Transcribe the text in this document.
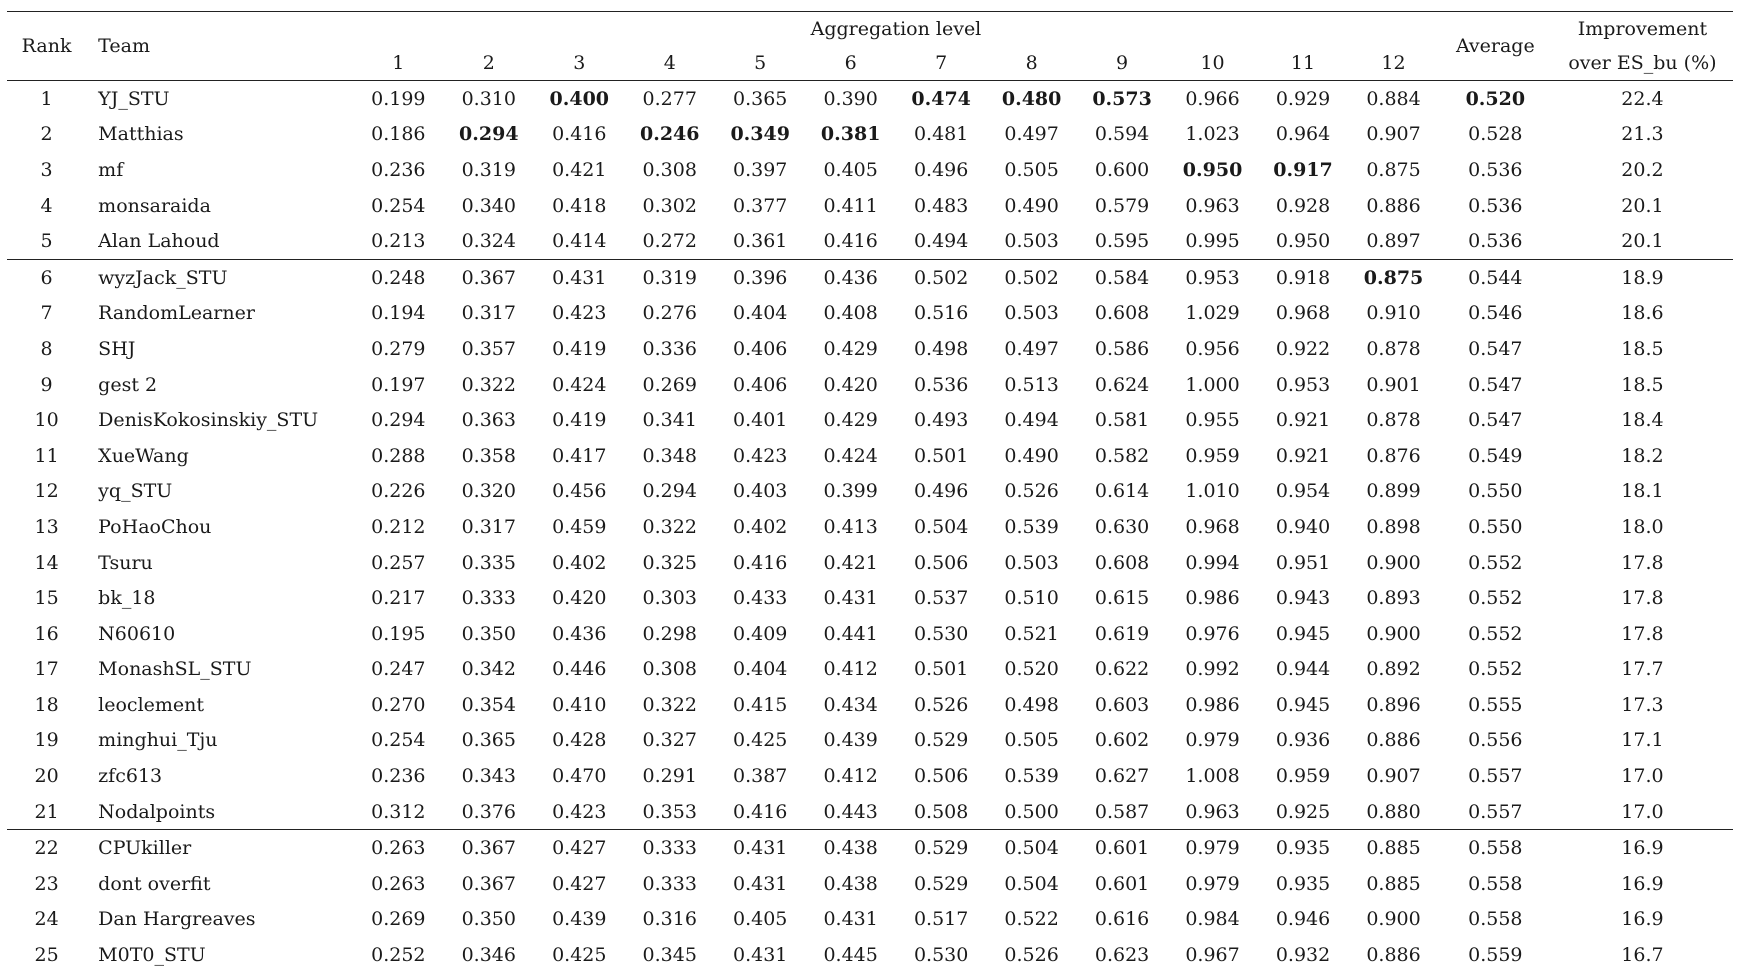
Rank	Team	Aggregation level												Average	Improvement
		1	2	3	4	5	6	7	8	9	10	11	12		over ES_bu (%)
1	YJ_STU	0.199	0.310	0.400	0.277	0.365	0.390	0.474	0.480	0.573	0.966	0.929	0.884	0.520	22.4
2	Matthias	0.186	0.294	0.416	0.246	0.349	0.381	0.481	0.497	0.594	1.023	0.964	0.907	0.528	21.3
3	mf	0.236	0.319	0.421	0.308	0.397	0.405	0.496	0.505	0.600	0.950	0.917	0.875	0.536	20.2
4	monsaraida	0.254	0.340	0.418	0.302	0.377	0.411	0.483	0.490	0.579	0.963	0.928	0.886	0.536	20.1
5	Alan Lahoud	0.213	0.324	0.414	0.272	0.361	0.416	0.494	0.503	0.595	0.995	0.950	0.897	0.536	20.1
6	wyzJack_STU	0.248	0.367	0.431	0.319	0.396	0.436	0.502	0.502	0.584	0.953	0.918	0.875	0.544	18.9
7	RandomLearner	0.194	0.317	0.423	0.276	0.404	0.408	0.516	0.503	0.608	1.029	0.968	0.910	0.546	18.6
8	SHJ	0.279	0.357	0.419	0.336	0.406	0.429	0.498	0.497	0.586	0.956	0.922	0.878	0.547	18.5
9	gest 2	0.197	0.322	0.424	0.269	0.406	0.420	0.536	0.513	0.624	1.000	0.953	0.901	0.547	18.5
10	DenisKokosinskiy_STU	0.294	0.363	0.419	0.341	0.401	0.429	0.493	0.494	0.581	0.955	0.921	0.878	0.547	18.4
11	XueWang	0.288	0.358	0.417	0.348	0.423	0.424	0.501	0.490	0.582	0.959	0.921	0.876	0.549	18.2
12	yq_STU	0.226	0.320	0.456	0.294	0.403	0.399	0.496	0.526	0.614	1.010	0.954	0.899	0.550	18.1
13	PoHaoChou	0.212	0.317	0.459	0.322	0.402	0.413	0.504	0.539	0.630	0.968	0.940	0.898	0.550	18.0
14	Tsuru	0.257	0.335	0.402	0.325	0.416	0.421	0.506	0.503	0.608	0.994	0.951	0.900	0.552	17.8
15	bk_18	0.217	0.333	0.420	0.303	0.433	0.431	0.537	0.510	0.615	0.986	0.943	0.893	0.552	17.8
16	N60610	0.195	0.350	0.436	0.298	0.409	0.441	0.530	0.521	0.619	0.976	0.945	0.900	0.552	17.8
17	MonashSL_STU	0.247	0.342	0.446	0.308	0.404	0.412	0.501	0.520	0.622	0.992	0.944	0.892	0.552	17.7
18	leoclement	0.270	0.354	0.410	0.322	0.415	0.434	0.526	0.498	0.603	0.986	0.945	0.896	0.555	17.3
19	minghui_Tju	0.254	0.365	0.428	0.327	0.425	0.439	0.529	0.505	0.602	0.979	0.936	0.886	0.556	17.1
20	zfc613	0.236	0.343	0.470	0.291	0.387	0.412	0.506	0.539	0.627	1.008	0.959	0.907	0.557	17.0
21	Nodalpoints	0.312	0.376	0.423	0.353	0.416	0.443	0.508	0.500	0.587	0.963	0.925	0.880	0.557	17.0
22	CPUkiller	0.263	0.367	0.427	0.333	0.431	0.438	0.529	0.504	0.601	0.979	0.935	0.885	0.558	16.9
23	dont overfit	0.263	0.367	0.427	0.333	0.431	0.438	0.529	0.504	0.601	0.979	0.935	0.885	0.558	16.9
24	Dan Hargreaves	0.269	0.350	0.439	0.316	0.405	0.431	0.517	0.522	0.616	0.984	0.946	0.900	0.558	16.9
25	M0T0_STU	0.252	0.346	0.425	0.345	0.431	0.445	0.530	0.526	0.623	0.967	0.932	0.886	0.559	16.7
